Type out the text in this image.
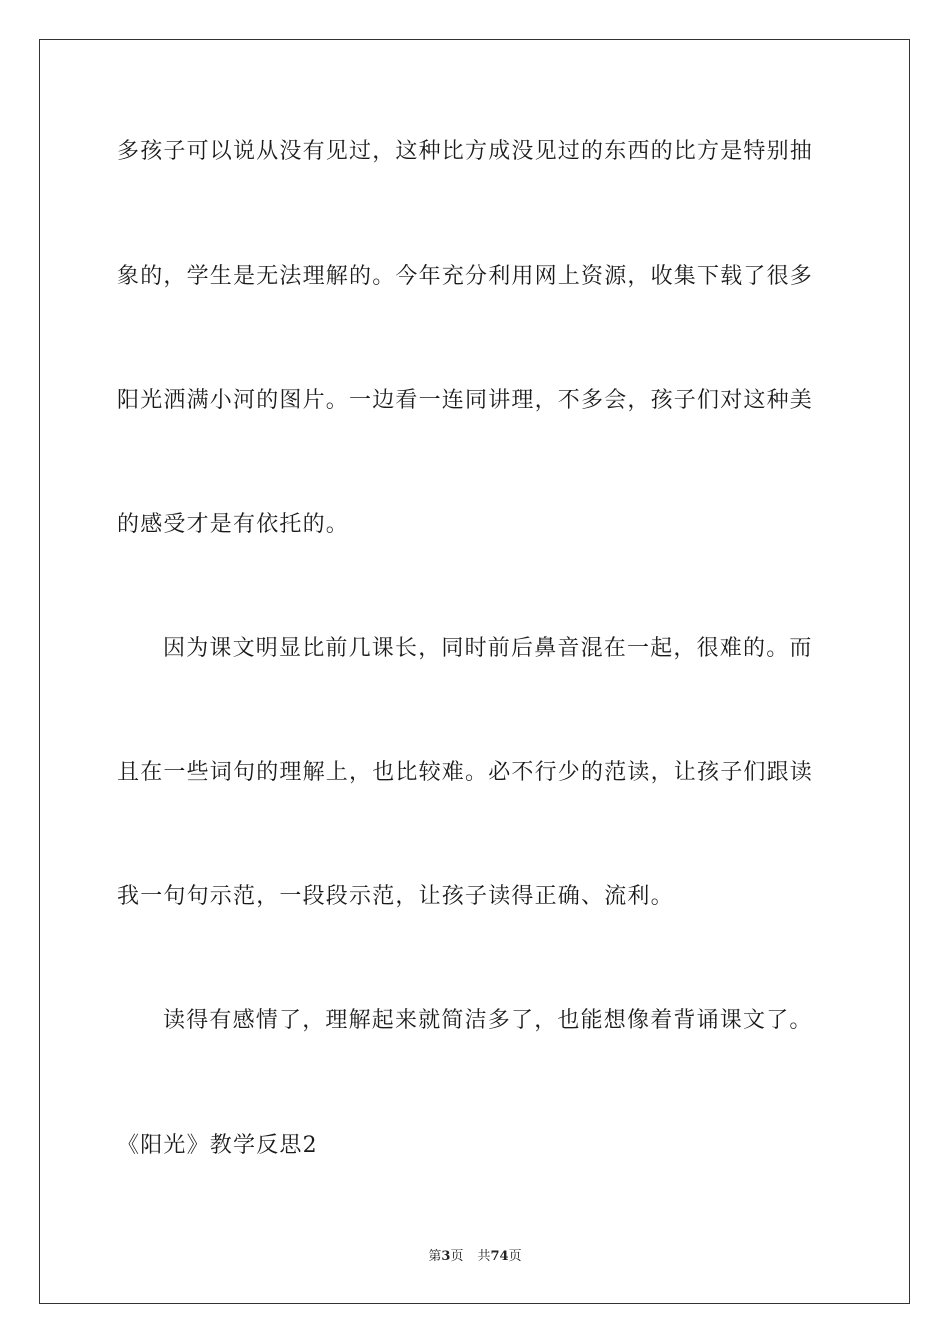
多孩子可以说从没有见过，这种比方成没见过的东西的比方是特别抽
象的，学生是无法理解的。今年充分利用网上资源，收集下载了很多
阳光洒满小河的图片。一边看一连同讲理，不多会，孩子们对这种美
的感受才是有依托的。
因为课文明显比前几课长，同时前后鼻音混在一起，很难的。而
且在一些词句的理解上，也比较难。必不行少的范读，让孩子们跟读
我一句句示范，一段段示范，让孩子读得正确、流利。
读得有感情了，理解起来就简洁多了，也能想像着背诵课文了。
《阳光》教学反思2
第3页 共74页
